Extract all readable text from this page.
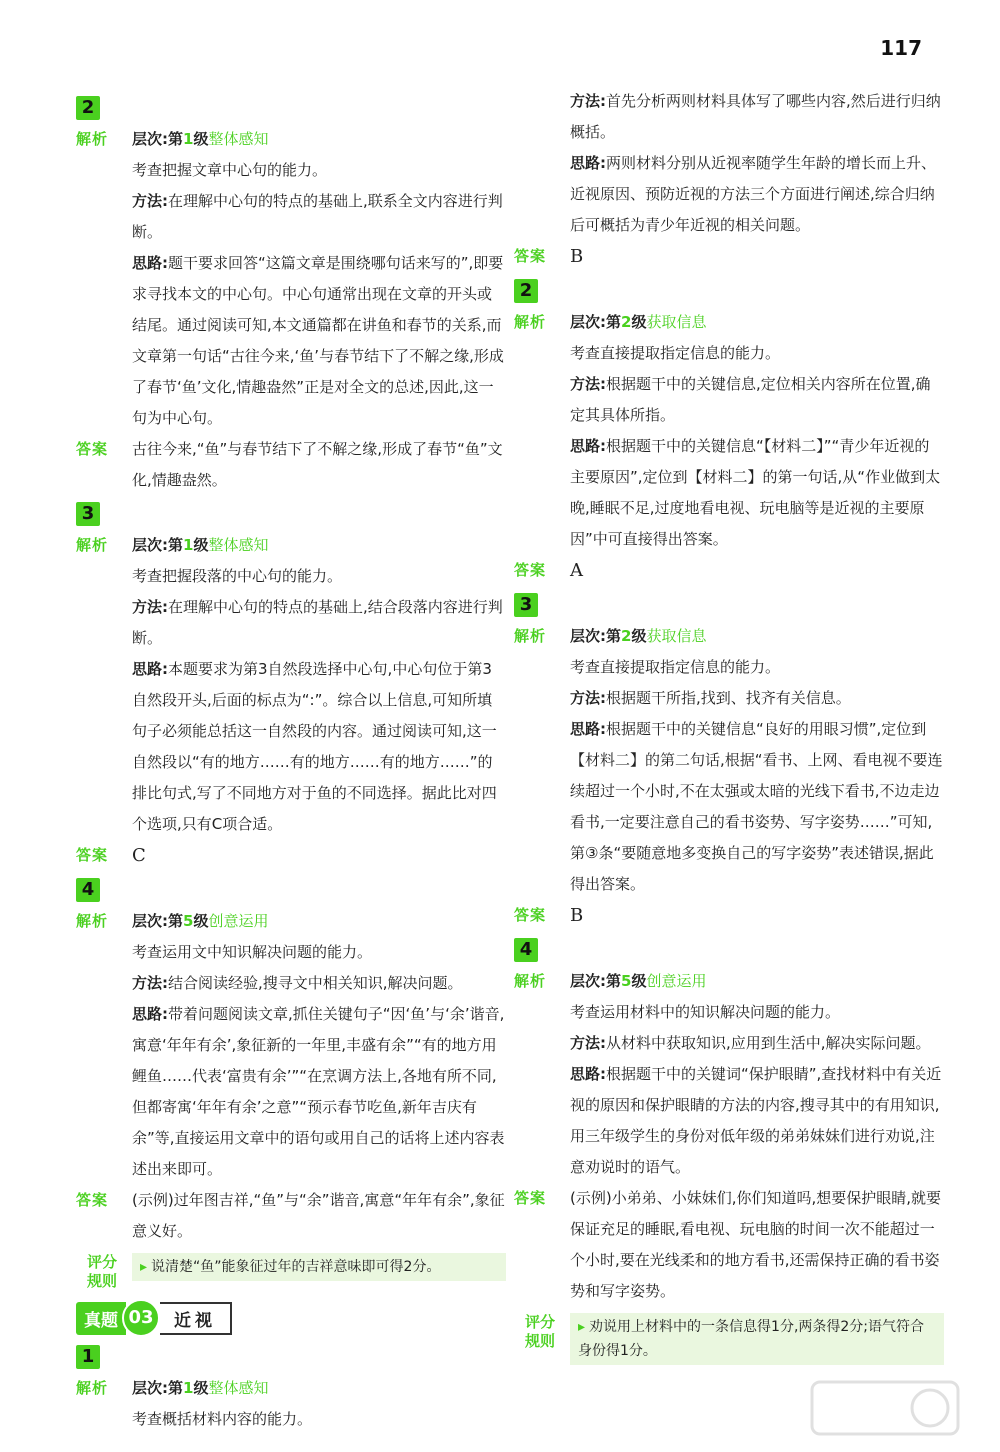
117
2
解析 层次:第1级整体感知
考查把握文章中心句的能力。
方法:在理解中心句的特点的基础上,联系全文内容进行判断。
思路:题干要求回答“这篇文章是围绕哪句话来写的”,即要求寻找本文的中心句。中心句通常出现在文章的开头或结尾。通过阅读可知,本文通篇都在讲鱼和春节的关系,而文章第一句话“古往今来,‘鱼’与春节结下了不解之缘,形成了春节‘鱼’文化,情趣盎然”正是对全文的总述,因此,这一句为中心句。
答案 古往今来,“鱼”与春节结下了不解之缘,形成了春节“鱼”文化,情趣盎然。
3
解析 层次:第1级整体感知
考查把握段落的中心句的能力。
方法:在理解中心句的特点的基础上,结合段落内容进行判断。
思路:本题要求为第3自然段选择中心句,中心句位于第3自然段开头,后面的标点为“:”。综合以上信息,可知所填句子必须能总括这一自然段的内容。通过阅读可知,这一自然段以“有的地方……有的地方……有的地方……”的排比句式,写了不同地方对于鱼的不同选择。据此比对四个选项,只有C项合适。
答案 C
4
解析 层次:第5级创意运用
考查运用文中知识解决问题的能力。
方法:结合阅读经验,搜寻文中相关知识,解决问题。
思路:带着问题阅读文章,抓住关键句子“因‘鱼’与‘余’谐音,寓意‘年年有余’,象征新的一年里,丰盛有余”“有的地方用鲤鱼……代表‘富贵有余’”“在烹调方法上,各地有所不同,但都寄寓‘年年有余’之意”“预示春节吃鱼,新年吉庆有余”等,直接运用文章中的语句或用自己的话将上述内容表述出来即可。
答案 (示例)过年图吉祥,“鱼”与“余”谐音,寓意“年年有余”,象征意义好。
评分规则
▸ 说清楚“鱼”能象征过年的吉祥意味即可得2分。
真题 03	近视
1
解析 层次:第1级整体感知
考查概括材料内容的能力。
方法:首先分析两则材料具体写了哪些内容,然后进行归纳概括。
思路:两则材料分别从近视率随学生年龄的增长而上升、近视原因、预防近视的方法三个方面进行阐述,综合归纳后可概括为青少年近视的相关问题。
答案 B
2
解析 层次:第2级获取信息
考查直接提取指定信息的能力。
方法:根据题干中的关键信息,定位相关内容所在位置,确定其具体所指。
思路:根据题干中的关键信息“【材料二】”“青少年近视的主要原因”,定位到【材料二】的第一句话,从“作业做到太晚,睡眠不足,过度地看电视、玩电脑等是近视的主要原因”中可直接得出答案。
答案 A
3
解析 层次:第2级获取信息
考查直接提取指定信息的能力。
方法:根据题干所指,找到、找齐有关信息。
思路:根据题干中的关键信息“良好的用眼习惯”,定位到【材料二】的第二句话,根据“看书、上网、看电视不要连续超过一个小时,不在太强或太暗的光线下看书,不边走边看书,一定要注意自己的看书姿势、写字姿势……”可知,第③条“要随意地多变换自己的写字姿势”表述错误,据此得出答案。
答案 B
4
解析 层次:第5级创意运用
考查运用材料中的知识解决问题的能力。
方法:从材料中获取知识,应用到生活中,解决实际问题。
思路:根据题干中的关键词“保护眼睛”,查找材料中有关近视的原因和保护眼睛的方法的内容,搜寻其中的有用知识,用三年级学生的身份对低年级的弟弟妹妹们进行劝说,注意劝说时的语气。
答案 (示例)小弟弟、小妹妹们,你们知道吗,想要保护眼睛,就要保证充足的睡眠,看电视、玩电脑的时间一次不能超过一个小时,要在光线柔和的地方看书,还需保持正确的看书姿势和写字姿势。
评分规则
▸ 劝说用上材料中的一条信息得1分,两条得2分;语气符合身份得1分。
